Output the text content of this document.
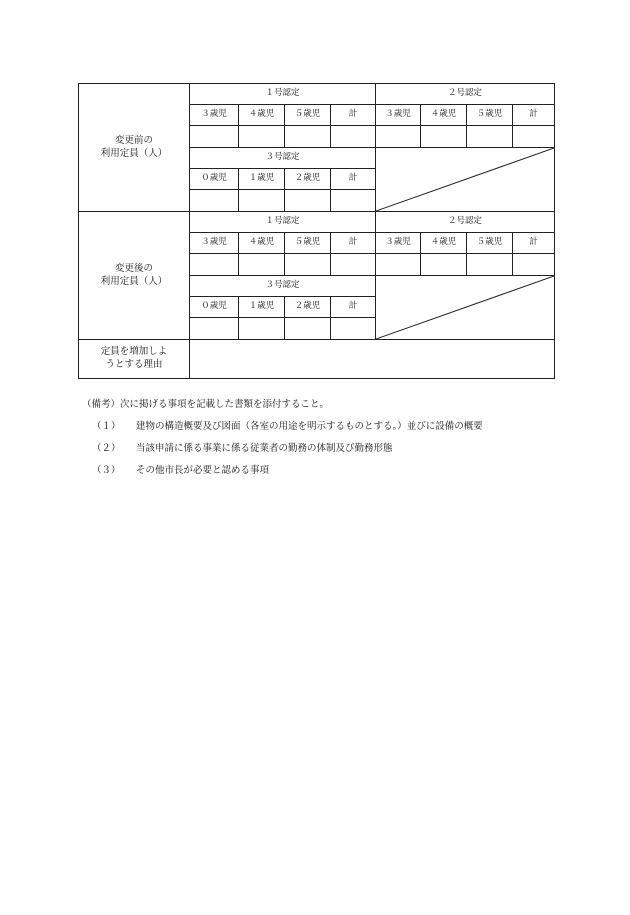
変更前の
利用定員（人）	１号認定				２号認定			
	３歳児	４歳児	５歳児	計	３歳児	４歳児	５歳児	計

	３号認定	

	０歳児	１歳児	２歳児	計				

変更後の
利用定員（人）	１号認定				２号認定			
	３歳児	４歳児	５歳児	計	３歳児	４歳児	５歳児	計

	３号認定	

	０歳児	１歳児	２歳児	計				

定員を増加しよ
うとする理由								
（備考）次に掲げる事項を記載した書類を添付すること。
（１）	建物の構造概要及び図面（各室の用途を明示するものとする。）並びに設備の概要
（２）	当該申請に係る事業に係る従業者の勤務の体制及び勤務形態
（３）	その他市長が必要と認める事項
